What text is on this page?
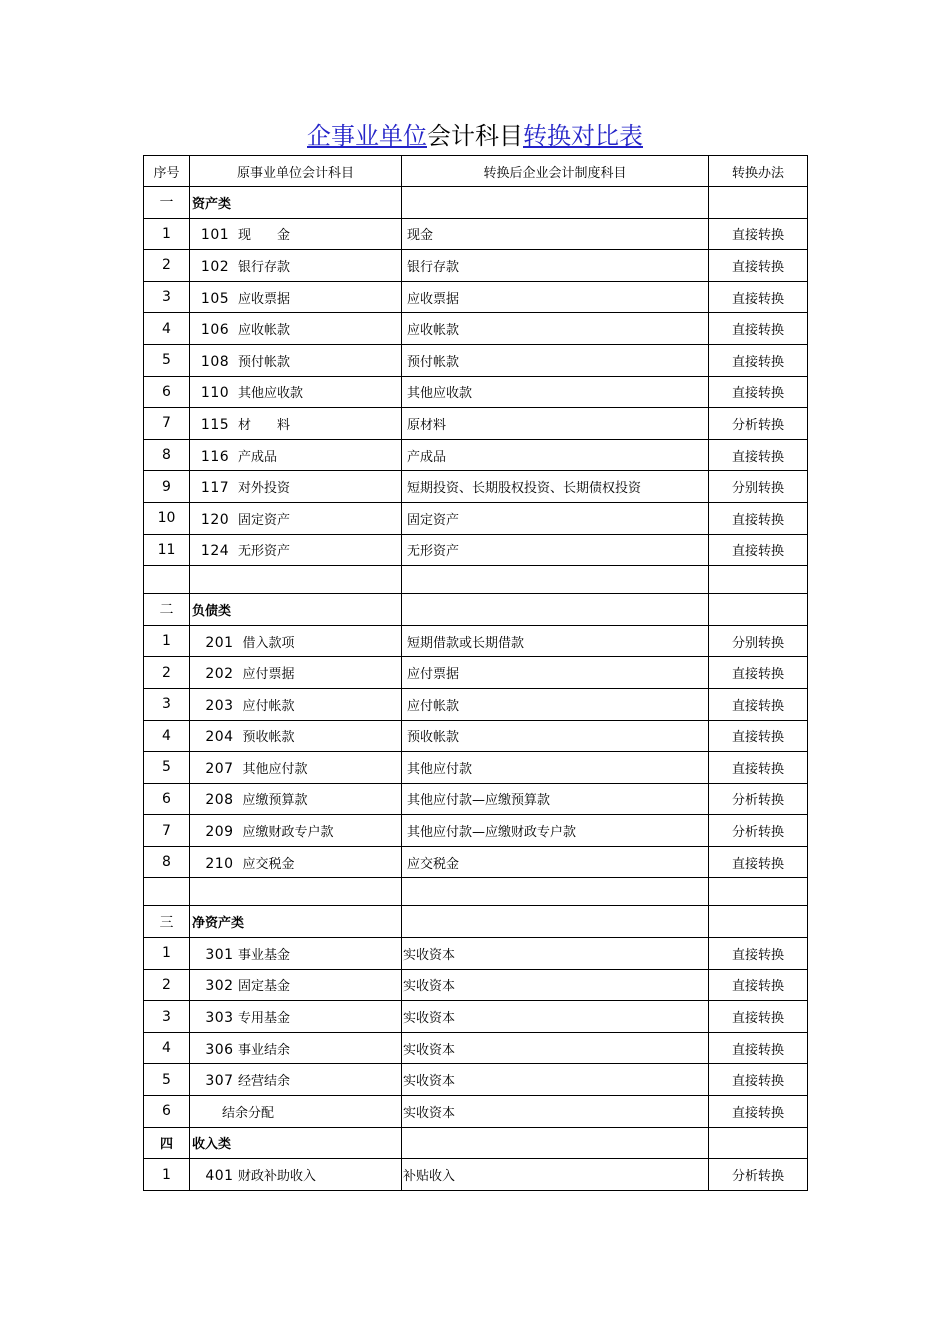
企事业单位会计科目转换对比表
序号	原事业单位会计科目	转换后企业会计制度科目	转换办法
一	资产类		
1	101 现　　金	现金	直接转换
2	102 银行存款	银行存款	直接转换
3	105 应收票据	应收票据	直接转换
4	106 应收帐款	应收帐款	直接转换
5	108 预付帐款	预付帐款	直接转换
6	110 其他应收款	其他应收款	直接转换
7	115 材　　料	原材料	分析转换
8	116 产成品	产成品	直接转换
9	117 对外投资	短期投资、长期股权投资、长期债权投资	分别转换
10	120 固定资产	固定资产	直接转换
11	124 无形资产	无形资产	直接转换

二	负债类		
1	201 借入款项	短期借款或长期借款	分别转换
2	202 应付票据	应付票据	直接转换
3	203 应付帐款	应付帐款	直接转换
4	204 预收帐款	预收帐款	直接转换
5	207 其他应付款	其他应付款	直接转换
6	208 应缴预算款	其他应付款—应缴预算款	分析转换
7	209 应缴财政专户款	其他应付款—应缴财政专户款	分析转换
8	210 应交税金	应交税金	直接转换

三	净资产类		
1	301 事业基金	实收资本	直接转换
2	302 固定基金	实收资本	直接转换
3	303 专用基金	实收资本	直接转换
4	306 事业结余	实收资本	直接转换
5	307 经营结余	实收资本	直接转换
6	结余分配	实收资本	直接转换
四	收入类		
1	401 财政补助收入	补贴收入	分析转换
